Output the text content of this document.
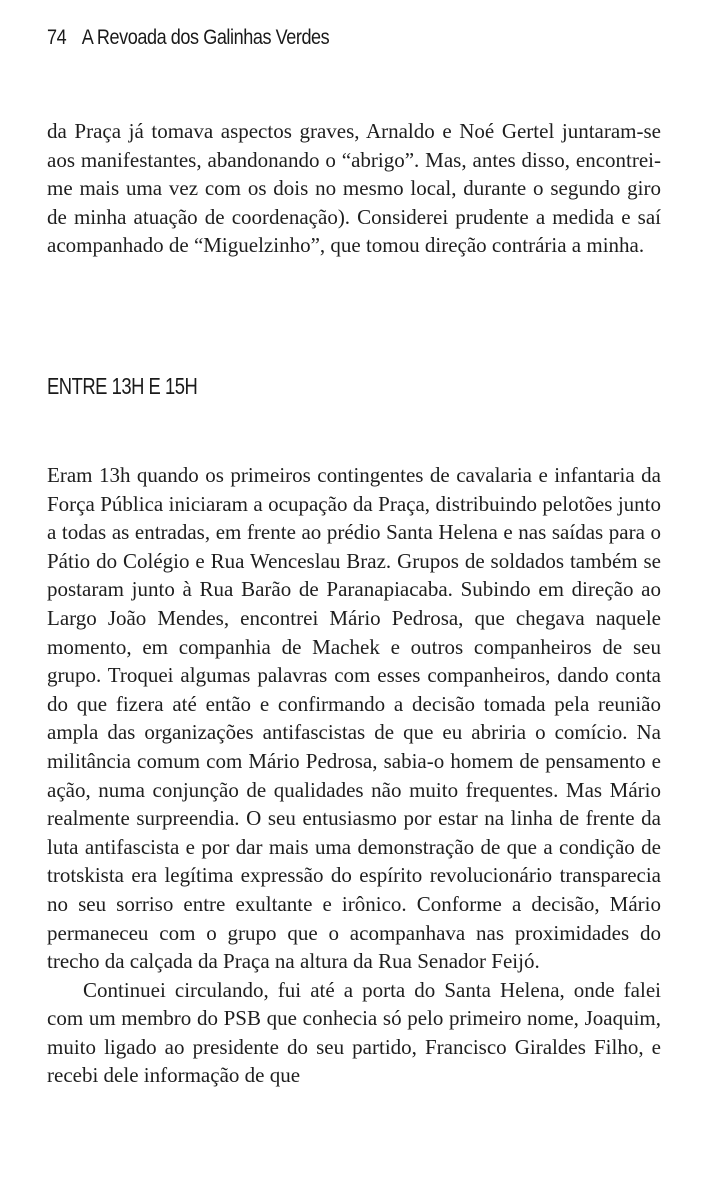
74 A Revoada dos Galinhas Verdes

da Praça já tomava aspectos graves, Arnaldo e Noé Gertel juntaram-se aos manifestantes, abandonando o “abrigo”. Mas, antes disso, encontrei-me mais uma vez com os dois no mesmo local, durante o segundo giro de minha atuação de coordenação). Considerei prudente a medida e saí acompanhado de “Miguelzinho”, que tomou direção contrária a minha.

ENTRE 13H E 15H

Eram 13h quando os primeiros contingentes de cavalaria e infantaria da Força Pública iniciaram a ocupação da Praça, distribuindo pelotões junto a todas as entradas, em frente ao prédio Santa Helena e nas saídas para o Pátio do Colégio e Rua Wenceslau Braz. Grupos de soldados também se postaram junto à Rua Barão de Paranapiacaba. Subindo em direção ao Largo João Mendes, encontrei Mário Pedrosa, que chegava naquele momento, em companhia de Machek e outros companheiros de seu grupo. Troquei algumas palavras com esses companheiros, dando conta do que fizera até então e confirmando a decisão tomada pela reunião ampla das organizações antifascistas de que eu abriria o comício. Na militância comum com Mário Pedrosa, sabia-o homem de pensamento e ação, numa conjunção de qualidades não muito frequentes. Mas Mário realmente surpreendia. O seu entusiasmo por estar na linha de frente da luta antifascista e por dar mais uma demonstração de que a condição de trotskista era legítima expressão do espírito revolucionário transparecia no seu sorriso entre exultante e irônico. Conforme a decisão, Mário permaneceu com o grupo que o acompanhava nas proximidades do trecho da calçada da Praça na altura da Rua Senador Feijó.

Continuei circulando, fui até a porta do Santa Helena, onde falei com um membro do PSB que conhecia só pelo primeiro nome, Joaquim, muito ligado ao presidente do seu partido, Francisco Giraldes Filho, e recebi dele informação de que
